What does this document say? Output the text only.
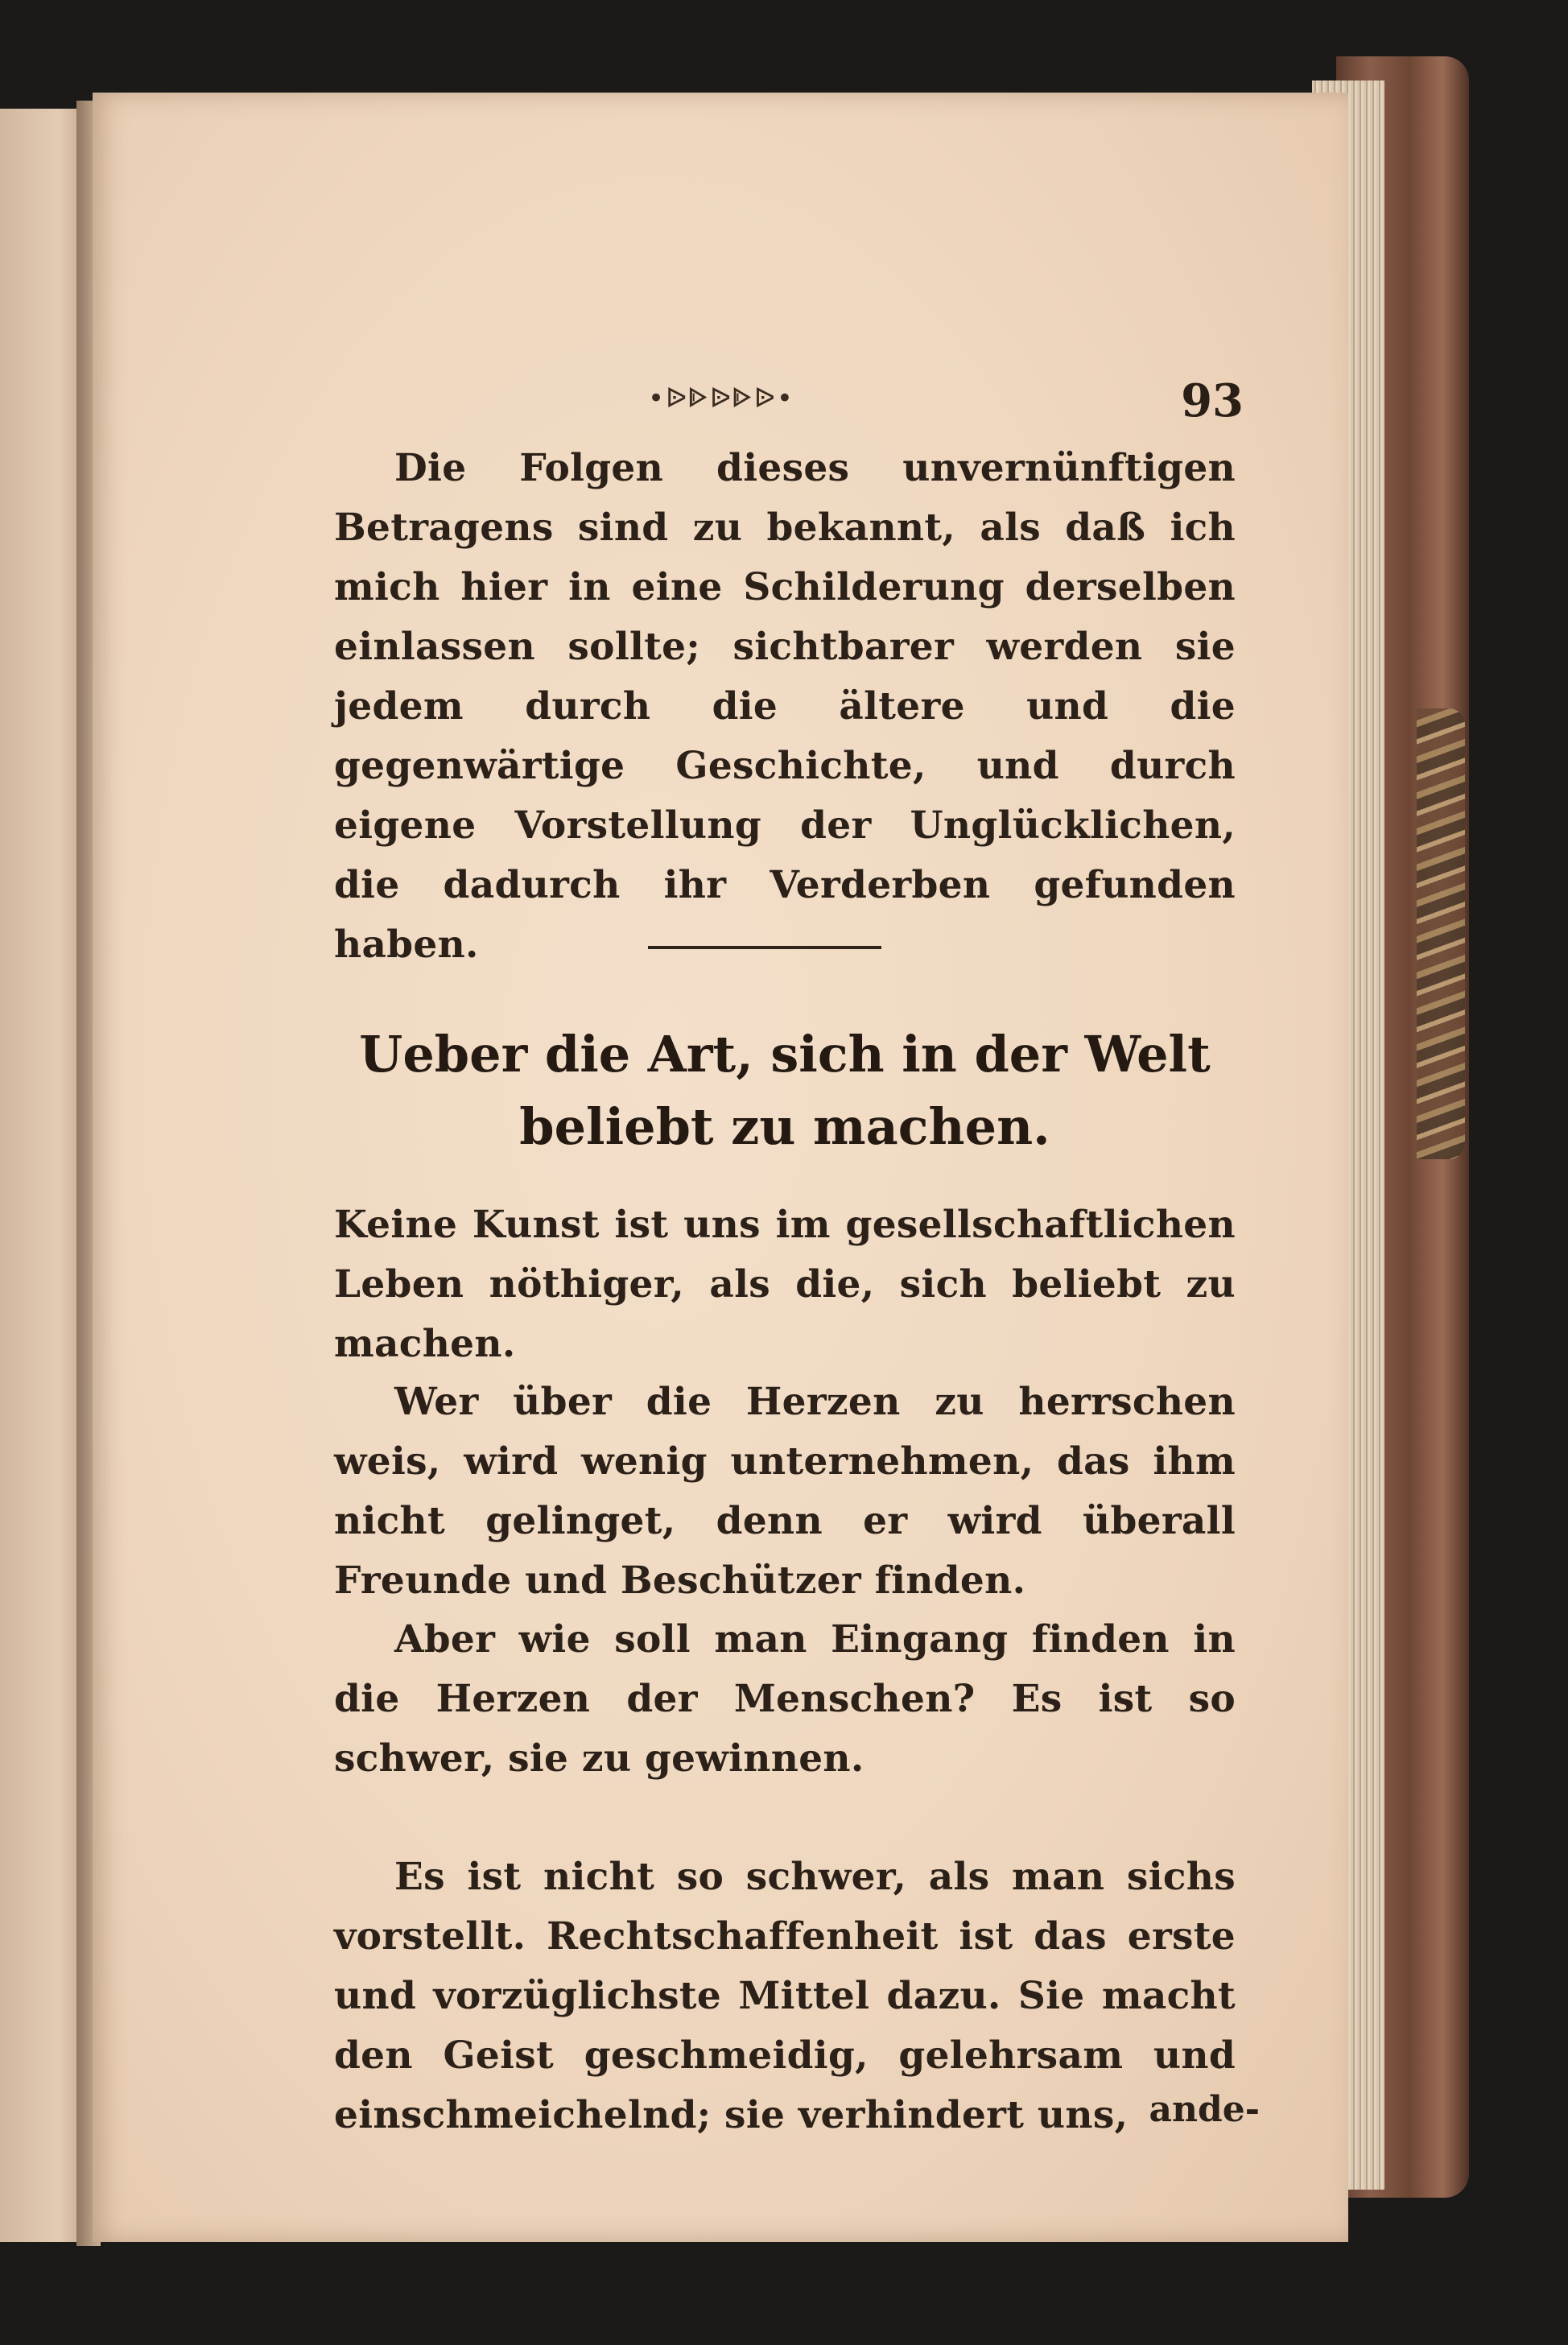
•ᐉᐈᐉᐈᐉ•	93

Die Folgen dieses unvernünftigen Betragens sind zu bekannt, als daß ich mich hier in eine Schilderung derselben einlassen sollte; sichtbarer werden sie jedem durch die ältere und die gegenwärtige Geschichte, und durch eigene Vorstellung der Unglücklichen, die dadurch ihr Verderben gefunden haben.

Ueber die Art, sich in der Welt beliebt zu machen.

Keine Kunst ist uns im gesellschaftlichen Leben nöthiger, als die, sich beliebt zu machen.

Wer über die Herzen zu herrschen weis, wird wenig unternehmen, das ihm nicht gelinget, denn er wird überall Freunde und Beschützer finden.

Aber wie soll man Eingang finden in die Herzen der Menschen? Es ist so schwer, sie zu gewinnen.

Es ist nicht so schwer, als man sichs vorstellt. Rechtschaffenheit ist das erste und vorzüglichste Mittel dazu. Sie macht den Geist geschmeidig, gelehrsam und einschmeichelnd; sie verhindert uns, ande-
